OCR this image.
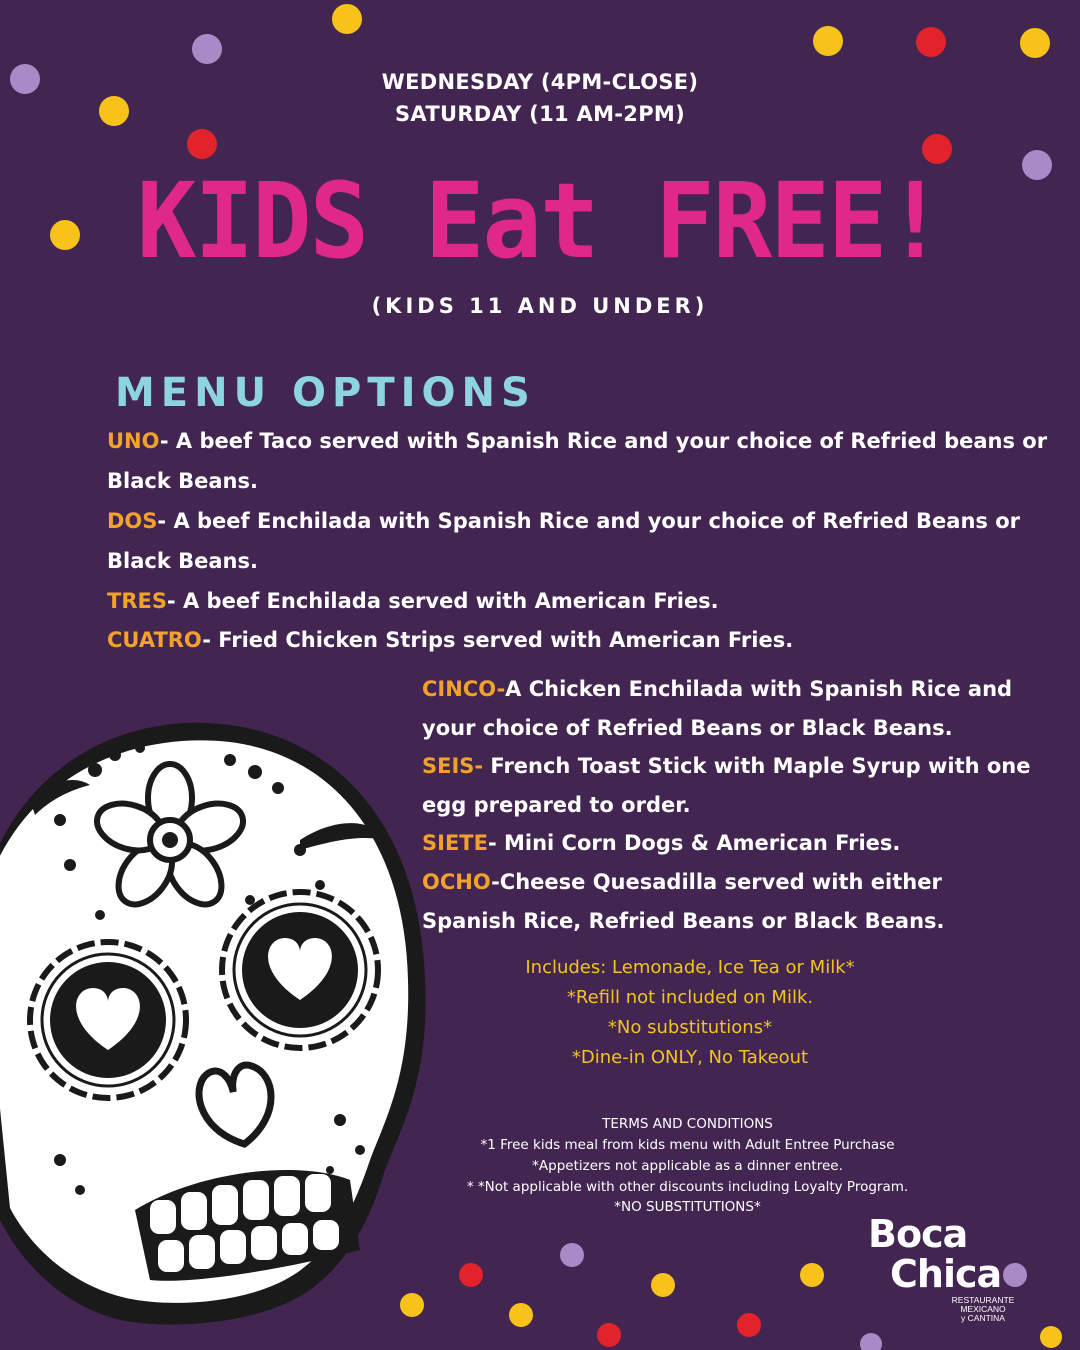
WEDNESDAY (4PM-CLOSE)
SATURDAY (11 AM-2PM)
KIDS Eat FREE!
(KIDS 11 AND UNDER)
MENU OPTIONS
UNO- A beef Taco served with Spanish Rice and your choice of Refried beans or Black Beans.
DOS- A beef Enchilada with Spanish Rice and your choice of Refried Beans or Black Beans.
TRES- A beef Enchilada served with American Fries.
CUATRO- Fried Chicken Strips served with American Fries.
CINCO-A Chicken Enchilada with Spanish Rice and your choice of Refried Beans or Black Beans.
SEIS- French Toast Stick with Maple Syrup with one egg prepared to order.
SIETE- Mini Corn Dogs & American Fries.
OCHO-Cheese Quesadilla served with either Spanish Rice, Refried Beans or Black Beans.
Includes: Lemonade, Ice Tea or Milk*
*Refill not included on Milk.
*No substitutions*
*Dine-in ONLY, No Takeout
TERMS AND CONDITIONS
*1 Free kids meal from kids menu with Adult Entree Purchase
*Appetizers not applicable as a dinner entree.
* *Not applicable with other discounts including Loyalty Program.
*NO SUBSTITUTIONS*
Boca
Chica
RESTAURANTE
MEXICANO
y CANTINA
